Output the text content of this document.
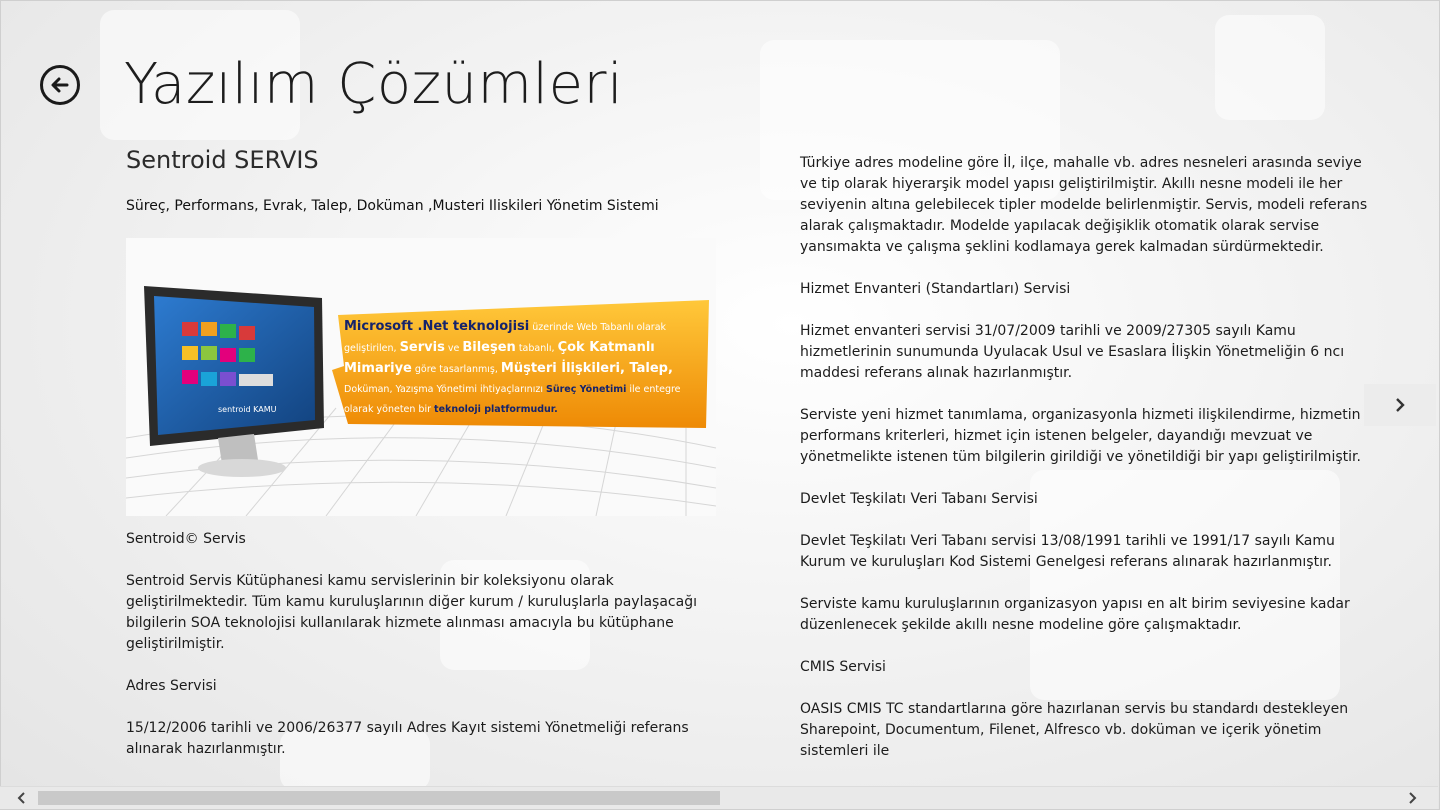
Yazılım Çözümleri
Sentroid SERVIS
Süreç, Performans, Evrak, Talep, Doküman ,Musteri Iliskileri Yönetim Sistemi
sentroid KAMU
Microsoft .Net teknolojisi üzerinde Web Tabanlı olarak geliştirilen, Servis ve Bileşen tabanlı, Çok Katmanlı Mimariye göre tasarlanmış, Müşteri İlişkileri, Talep, Doküman, Yazışma Yönetimi ihtiyaçlarınızı Süreç Yönetimi ile entegre olarak yöneten bir teknoloji platformudur.

Sentroid© Servis

Sentroid Servis Kütüphanesi kamu servislerinin bir koleksiyonu olarak geliştirilmektedir. Tüm kamu kuruluşlarının diğer kurum / kuruluşlarla paylaşacağı bilgilerin SOA teknolojisi kullanılarak hizmete alınması amacıyla bu kütüphane geliştirilmiştir.

Adres Servisi

15/12/2006 tarihli ve 2006/26377 sayılı Adres Kayıt sistemi Yönetmeliği referans alınarak hazırlanmıştır.

Türkiye adres modeline göre İl, ilçe, mahalle vb. adres nesneleri arasında seviye ve tip olarak hiyerarşik model yapısı geliştirilmiştir. Akıllı nesne modeli ile her seviyenin altına gelebilecek tipler modelde belirlenmiştir. Servis, modeli referans alarak çalışmaktadır. Modelde yapılacak değişiklik otomatik olarak servise yansımakta ve çalışma şeklini kodlamaya gerek kalmadan sürdürmektedir.

Hizmet Envanteri (Standartları) Servisi

Hizmet envanteri servisi 31/07/2009 tarihli ve 2009/27305 sayılı Kamu hizmetlerinin sunumunda Uyulacak Usul ve Esaslara İlişkin Yönetmeliğin 6 ncı maddesi referans alınak hazırlanmıştır.

Serviste yeni hizmet tanımlama, organizasyonla hizmeti ilişkilendirme, hizmetin performans kriterleri, hizmet için istenen belgeler, dayandığı mevzuat ve yönetmelikte istenen tüm bilgilerin girildiği ve yönetildiği bir yapı geliştirilmiştir.

Devlet Teşkilatı Veri Tabanı Servisi

Devlet Teşkilatı Veri Tabanı servisi 13/08/1991 tarihli ve 1991/17 sayılı Kamu Kurum ve kuruluşları Kod Sistemi Genelgesi referans alınarak hazırlanmıştır.

Serviste kamu kuruluşlarının organizasyon yapısı en alt birim seviyesine kadar düzenlenecek şekilde akıllı nesne modeline göre çalışmaktadır.

CMIS Servisi

OASIS CMIS TC standartlarına göre hazırlanan servis bu standardı destekleyen Sharepoint, Documentum, Filenet, Alfresco vb. doküman ve içerik yönetim sistemleri ile
